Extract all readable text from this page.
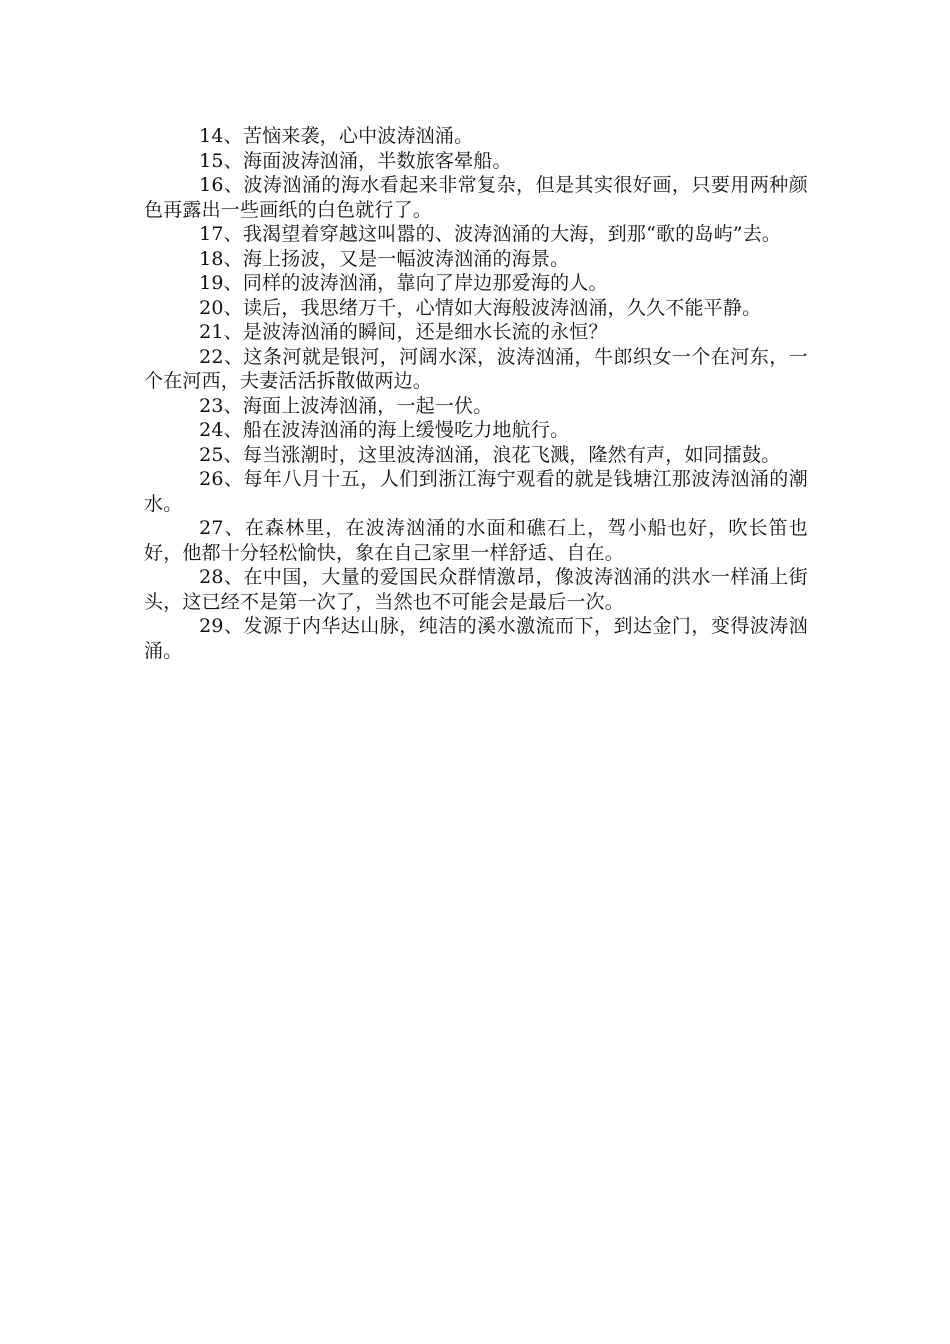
14、苦恼来袭，心中波涛汹涌。

15、海面波涛汹涌，半数旅客晕船。

16、波涛汹涌的海水看起来非常复杂，但是其实很好画，只要用两种颜色再露出一些画纸的白色就行了。

17、我渴望着穿越这叫嚣的、波涛汹涌的大海，到那“歌的岛屿”去。

18、海上扬波，又是一幅波涛汹涌的海景。

19、同样的波涛汹涌，靠向了岸边那爱海的人。

20、读后，我思绪万千，心情如大海般波涛汹涌，久久不能平静。

21、是波涛汹涌的瞬间，还是细水长流的永恒？

22、这条河就是银河，河阔水深，波涛汹涌，牛郎织女一个在河东，一个在河西，夫妻活活拆散做两边。

23、海面上波涛汹涌，一起一伏。

24、船在波涛汹涌的海上缓慢吃力地航行。

25、每当涨潮时，这里波涛汹涌，浪花飞溅，隆然有声，如同擂鼓。

26、每年八月十五，人们到浙江海宁观看的就是钱塘江那波涛汹涌的潮水。

27、在森林里，在波涛汹涌的水面和礁石上，驾小船也好，吹长笛也好，他都十分轻松愉快，象在自己家里一样舒适、自在。

28、在中国，大量的爱国民众群情激昂，像波涛汹涌的洪水一样涌上街头，这已经不是第一次了，当然也不可能会是最后一次。

29、发源于内华达山脉，纯洁的溪水激流而下，到达金门，变得波涛汹涌。
